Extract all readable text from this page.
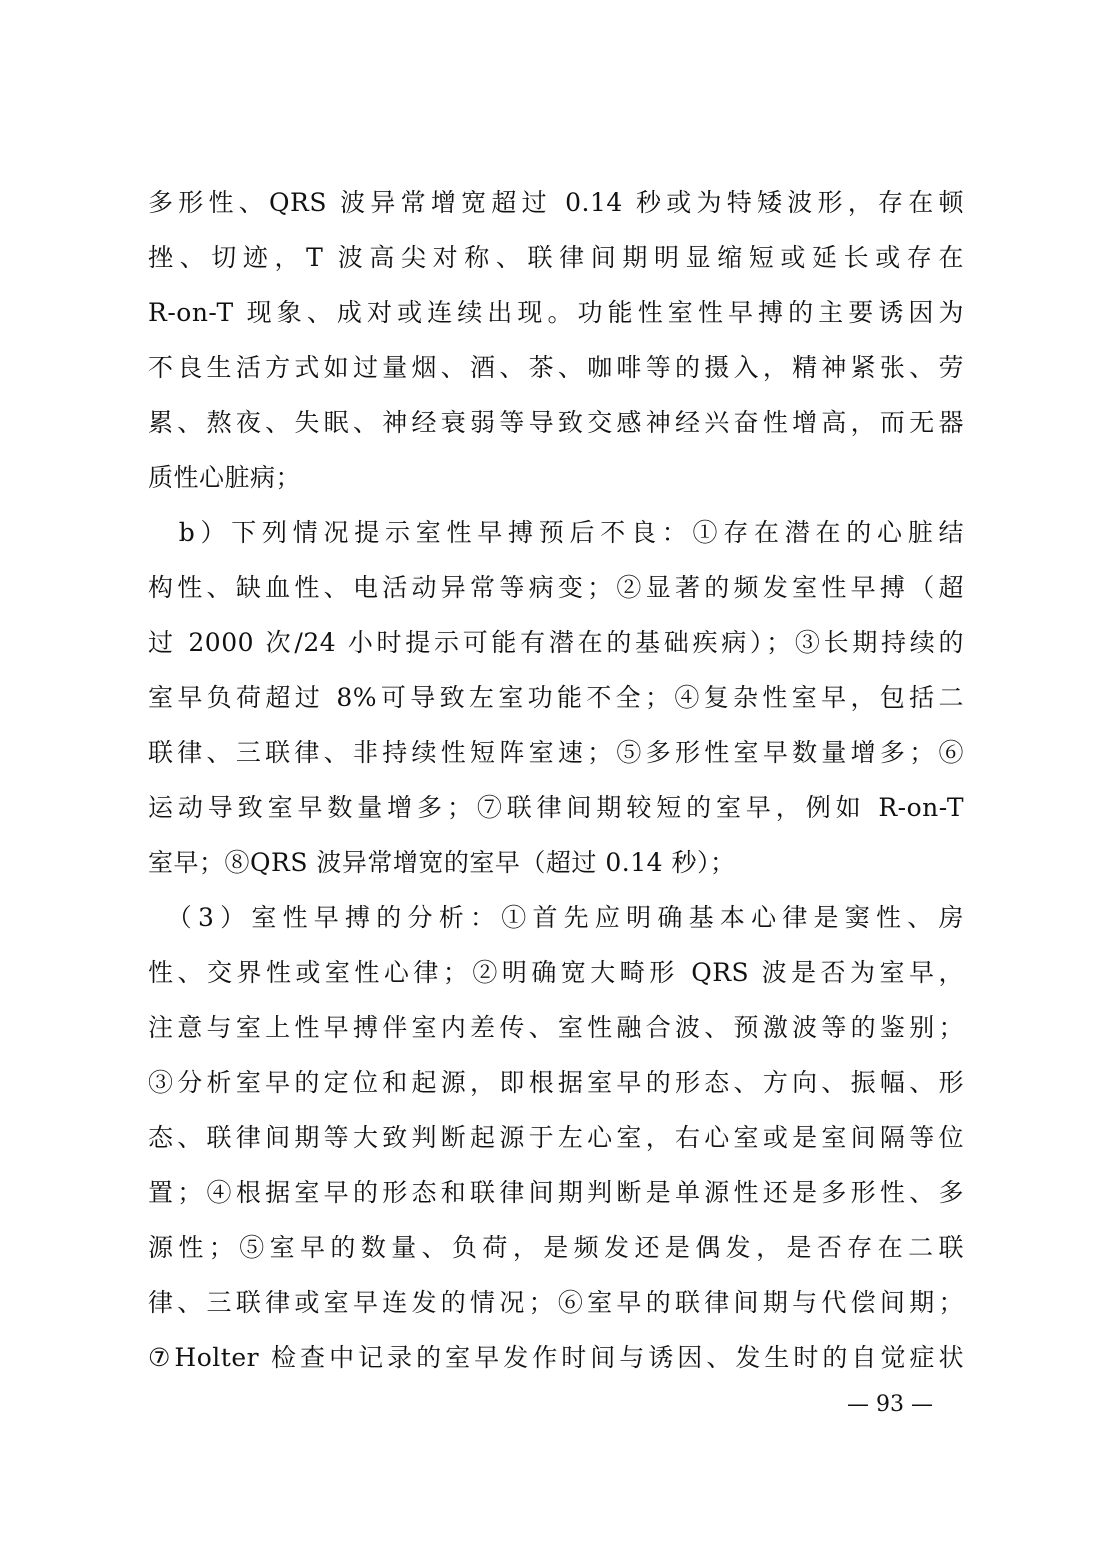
多形性、QRS 波异常增宽超过 0.14 秒或为特矮波形，存在顿
挫、切迹，T 波高尖对称、联律间期明显缩短或延长或存在
R-on-T 现象、成对或连续出现。功能性室性早搏的主要诱因为
不良生活方式如过量烟、酒、茶、咖啡等的摄入，精神紧张、劳
累、熬夜、失眠、神经衰弱等导致交感神经兴奋性增高，而无器
质性心脏病；
　b）下列情况提示室性早搏预后不良：①存在潜在的心脏结
构性、缺血性、电活动异常等病变；②显著的频发室性早搏（超
过 2000 次/24 小时提示可能有潜在的基础疾病）；③长期持续的
室早负荷超过 8%可导致左室功能不全；④复杂性室早，包括二
联律、三联律、非持续性短阵室速；⑤多形性室早数量增多；⑥
运动导致室早数量增多；⑦联律间期较短的室早，例如 R-on-T
室早；⑧QRS 波异常增宽的室早（超过 0.14 秒）；
　（3）室性早搏的分析：①首先应明确基本心律是窦性、房
性、交界性或室性心律；②明确宽大畸形 QRS 波是否为室早，
注意与室上性早搏伴室内差传、室性融合波、预激波等的鉴别；
③分析室早的定位和起源，即根据室早的形态、方向、振幅、形
态、联律间期等大致判断起源于左心室，右心室或是室间隔等位
置；④根据室早的形态和联律间期判断是单源性还是多形性、多
源性；⑤室早的数量、负荷，是频发还是偶发，是否存在二联
律、三联律或室早连发的情况；⑥室早的联律间期与代偿间期；
⑦Holter 检查中记录的室早发作时间与诱因、发生时的自觉症状
— 93 —
